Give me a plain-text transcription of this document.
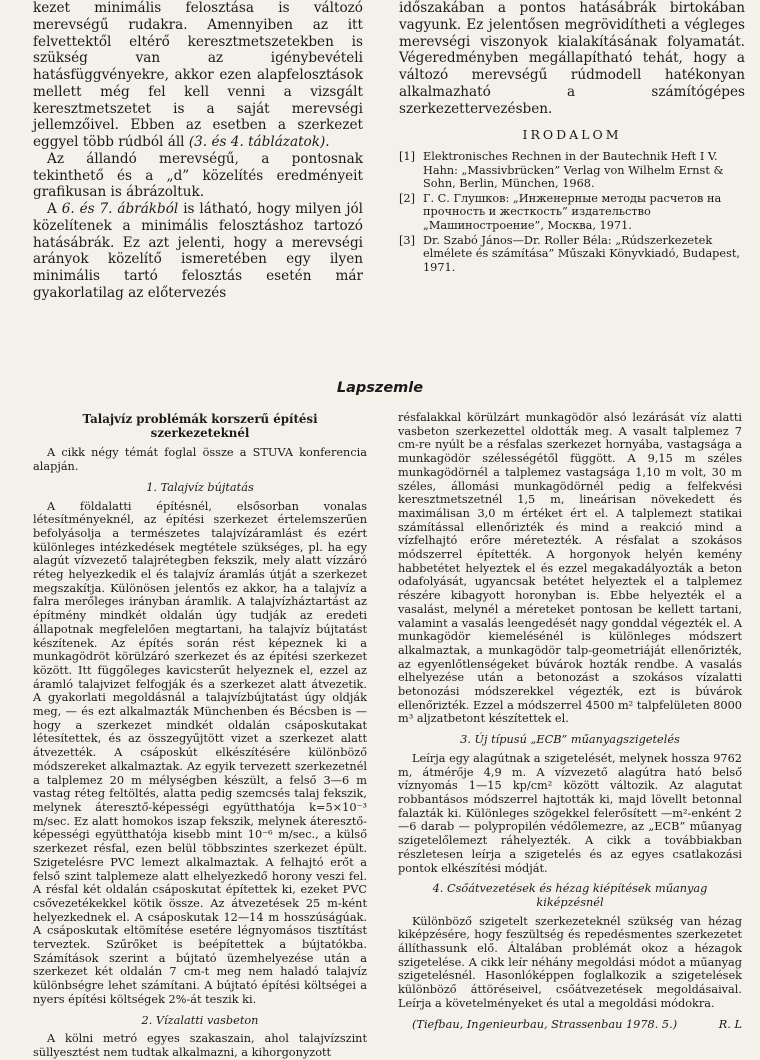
kezet minimális felosztása is változó merevségű rudakra. Amennyiben az itt felvettektől eltérő keresztmetszetekben is szükség van az igénybevételi hatásfüggvényekre, akkor ezen alapfelosztások mellett még fel kell venni a vizsgált keresztmetszetet is a saját merevségi jellemzőivel. Ebben az esetben a szerkezet eggyel több rúdból áll (3. és 4. táblázatok).

Az állandó merevségű, a pontosnak tekinthető és a „d” közelítés eredményeit grafikusan is ábrázoltuk.

A 6. és 7. ábrákból is látható, hogy milyen jól közelítenek a minimális felosztáshoz tartozó hatásábrák. Ez azt jelenti, hogy a merevségi arányok közelítő ismeretében egy ilyen minimális tartó felosztás esetén már gyakorlatilag az előtervezés

időszakában a pontos hatásábrák birtokában vagyunk. Ez jelentősen megrövidítheti a végleges merevségi viszonyok kialakításának folyamatát. Végeredményben megállapítható tehát, hogy a változó merevségű rúdmodell hatékonyan alkalmazható a számítógépes szerkezettervezésben.

IRODALOM
[1] Elektronisches Rechnen in der Bautechnik Heft I V. Hahn: „Massivbrücken” Verlag von Wilhelm Ernst & Sohn, Berlin, München, 1968.
[2] Г. С. Глушков: „Инженерные методы расчетов на прочность и жесткость” издательство „Машиностроение”, Москва, 1971.
[3] Dr. Szabó János—Dr. Roller Béla: „Rúdszerkezetek elmélete és számítása” Műszaki Könyvkiadó, Budapest, 1971.
Lapszemle
Talajvíz problémák korszerű építési szerkezeteknél

A cikk négy témát foglal össze a STUVA konferencia alapján.

1. Talajvíz bújtatás

A földalatti építésnél, elsősorban vonalas létesítményeknél, az építési szerkezet értelemszerűen befolyásolja a természetes talajvízáramlást és ezért különleges intézkedések megtétele szükséges, pl. ha egy alagút vízvezető talajrétegben fekszik, mely alatt vízzáró réteg helyezkedik el és talajvíz áramlás útját a szerkezet megszakítja. Különösen jelentős ez akkor, ha a talajvíz a falra merőleges irányban áramlik. A talajvízháztartást az építmény mindkét oldalán úgy tudják az eredeti állapotnak megfelelően megtartani, ha talajvíz bújtatást készítenek. Az építés során rést képeznek ki a munkagödröt körülzáró szerkezet és az építési szerkezet között. Itt függőleges kavicsterűt helyeznek el, ezzel az áramló talajvizet felfogják és a szerkezet alatt átvezetik. A gyakorlati megoldásnál a talajvízbújtatást úgy oldják meg, — és ezt alkalmazták Münchenben és Bécsben is — hogy a szerkezet mindkét oldalán csáposkutakat létesítettek, és az összegyűjtött vizet a szerkezet alatt átvezették. A csáposkút elkészítésére különböző módszereket alkalmaztak. Az egyik tervezett szerkezetnél a talplemez 20 m mélységben készült, a felső 3—6 m vastag réteg feltöltés, alatta pedig szemcsés talaj fekszik, melynek áteresztő-képességi együtthatója k=5×10⁻³ m/sec. Ez alatt homokos iszap fekszik, melynek áteresztő-képességi együtthatója kisebb mint 10⁻⁶ m/sec., a külső szerkezet résfal, ezen belül többszintes szerkezet épült. Szigetelésre PVC lemezt alkalmaztak. A felhajtó erőt a felső szint talplemeze alatt elhelyezkedő horony veszi fel. A résfal két oldalán csáposkutat építettek ki, ezeket PVC csővezetékekkel kötik össze. Az átvezetések 25 m-ként helyezkednek el. A csáposkutak 12—14 m hosszúságúak. A csáposkutak eltömítése esetére légnyomásos tisztítást terveztek. Szűrőket is beépítettek a bújtatókba. Számítások szerint a bújtató üzemhelyezése után a szerkezet két oldalán 7 cm-t meg nem haladó talajvíz különbségre lehet számítani. A bújtató építési költségei a nyers építési költségek 2%-át teszik ki.

2. Vízalatti vasbeton

A kölni metró egyes szakaszain, ahol talajvízszint süllyesztést nem tudtak alkalmazni, a kihorgonyzott

résfalakkal körülzárt munkagödör alsó lezárását víz alatti vasbeton szerkezettel oldották meg. A vasalt talplemez 7 cm-re nyúlt be a résfalas szerkezet hornyába, vastagsága a munkagödör szélességétől függött. A 9,15 m széles munkagödörnél a talplemez vastagsága 1,10 m volt, 30 m széles, állomási munkagödörnél pedig a felfekvési keresztmetszetnél 1,5 m, lineárisan növekedett és maximálisan 3,0 m értéket ért el. A talplemezt statikai számítással ellenőrizték és mind a reakció mind a vízfelhajtó erőre méretezték. A résfalat a szokásos módszerrel építették. A horgonyok helyén kemény habbetétet helyeztek el és ezzel megakadályozták a beton odafolyását, ugyancsak betétet helyeztek el a talplemez részére kibagyott horonyban is. Ebbe helyezték el a vasalást, melynél a méreteket pontosan be kellett tartani, valamint a vasalás leengedését nagy gonddal végezték el. A munkagödör kiemelésénél is különleges módszert alkalmaztak, a munkagödör talp-geometriáját ellenőrizték, az egyenlőtlenségeket búvárok hozták rendbe. A vasalás elhelyezése után a betonozást a szokásos vízalatti betonozási módszerekkel végezték, ezt is búvárok ellenőrizték. Ezzel a módszerrel 4500 m² talpfelületen 8000 m³ aljzatbetont készítettek el.

3. Új típusú „ECB” műanyagszigetelés

Leírja egy alagútnak a szigetelését, melynek hossza 9762 m, átmérője 4,9 m. A vízvezető alagútra ható belső víznyomás 1—15 kp/cm² között változik. Az alagutat robbantásos módszerrel hajtották ki, majd lövellt betonnal falazták ki. Különleges szögekkel felerősített —m²-enként 2—6 darab — polypropilén védőlemezre, az „ECB” műanyag szigetelőlemezt ráhelyezték. A cikk a továbbiakban részletesen leírja a szigetelés és az egyes csatlakozási pontok elkészítési módját.

4. Csőátvezetések és hézag kiépítések műanyag kiképzésnél

Különböző szigetelt szerkezeteknél szükség van hézag kiképzésére, hogy feszültség és repedésmentes szerkezetet állíthassunk elő. Általában problémát okoz a hézagok szigetelése. A cikk leír néhány megoldási módot a műanyag szigetelésnél. Hasonlóképpen foglalkozik a szigetelések különböző áttöréseivel, csőátvezetések megoldásaival. Leírja a követelményeket és utal a megoldási módokra.

(Tiefbau, Ingenieurbau, Strassenbau 1978. 5.)	R. L
